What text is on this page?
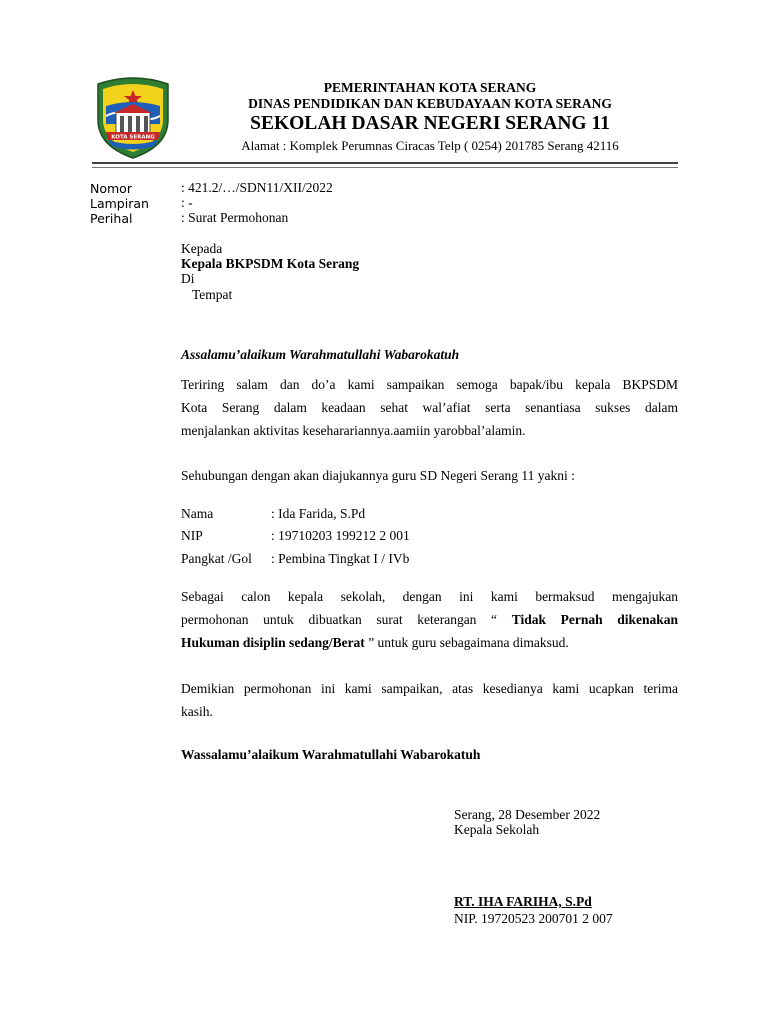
KOTA SERANG
PEMERINTAHAN KOTA SERANG
DINAS PENDIDIKAN DAN KEBUDAYAAN KOTA SERANG
SEKOLAH DASAR NEGERI SERANG 11
Alamat : Komplek Perumnas Ciracas Telp ( 0254) 201785 Serang 42116
Nomor	: 421.2/…/SDN11/XII/2022
Lampiran : -
Perihal	: Surat Permohonan
Kepada
Kepala BKPSDM Kota Serang
Di
Tempat
Assalamu’alaikum Warahmatullahi Wabarokatuh
Teriring salam dan do’a kami sampaikan semoga bapak/ibu kepala BKPSDM
Kota Serang dalam keadaan sehat wal’afiat serta senantiasa sukses dalam
menjalankan aktivitas keseharariannya.aamiin yarobbal’alamin.
Sehubungan dengan akan diajukannya guru SD Negeri Serang 11 yakni :
Nama	: Ida Farida, S.Pd
NIP	: 19710203 199212 2 001
Pangkat /Gol : Pembina Tingkat I / IVb
Sebagai calon kepala sekolah, dengan ini kami bermaksud mengajukan
permohonan untuk dibuatkan surat keterangan “ Tidak Pernah dikenakan
Hukuman disiplin sedang/Berat ” untuk guru sebagaimana dimaksud.
Demikian permohonan ini kami sampaikan, atas kesedianya kami ucapkan terima
kasih.
Wassalamu’alaikum Warahmatullahi Wabarokatuh
Serang, 28 Desember 2022
Kepala Sekolah
RT. IHA FARIHA, S.Pd
NIP. 19720523 200701 2 007
